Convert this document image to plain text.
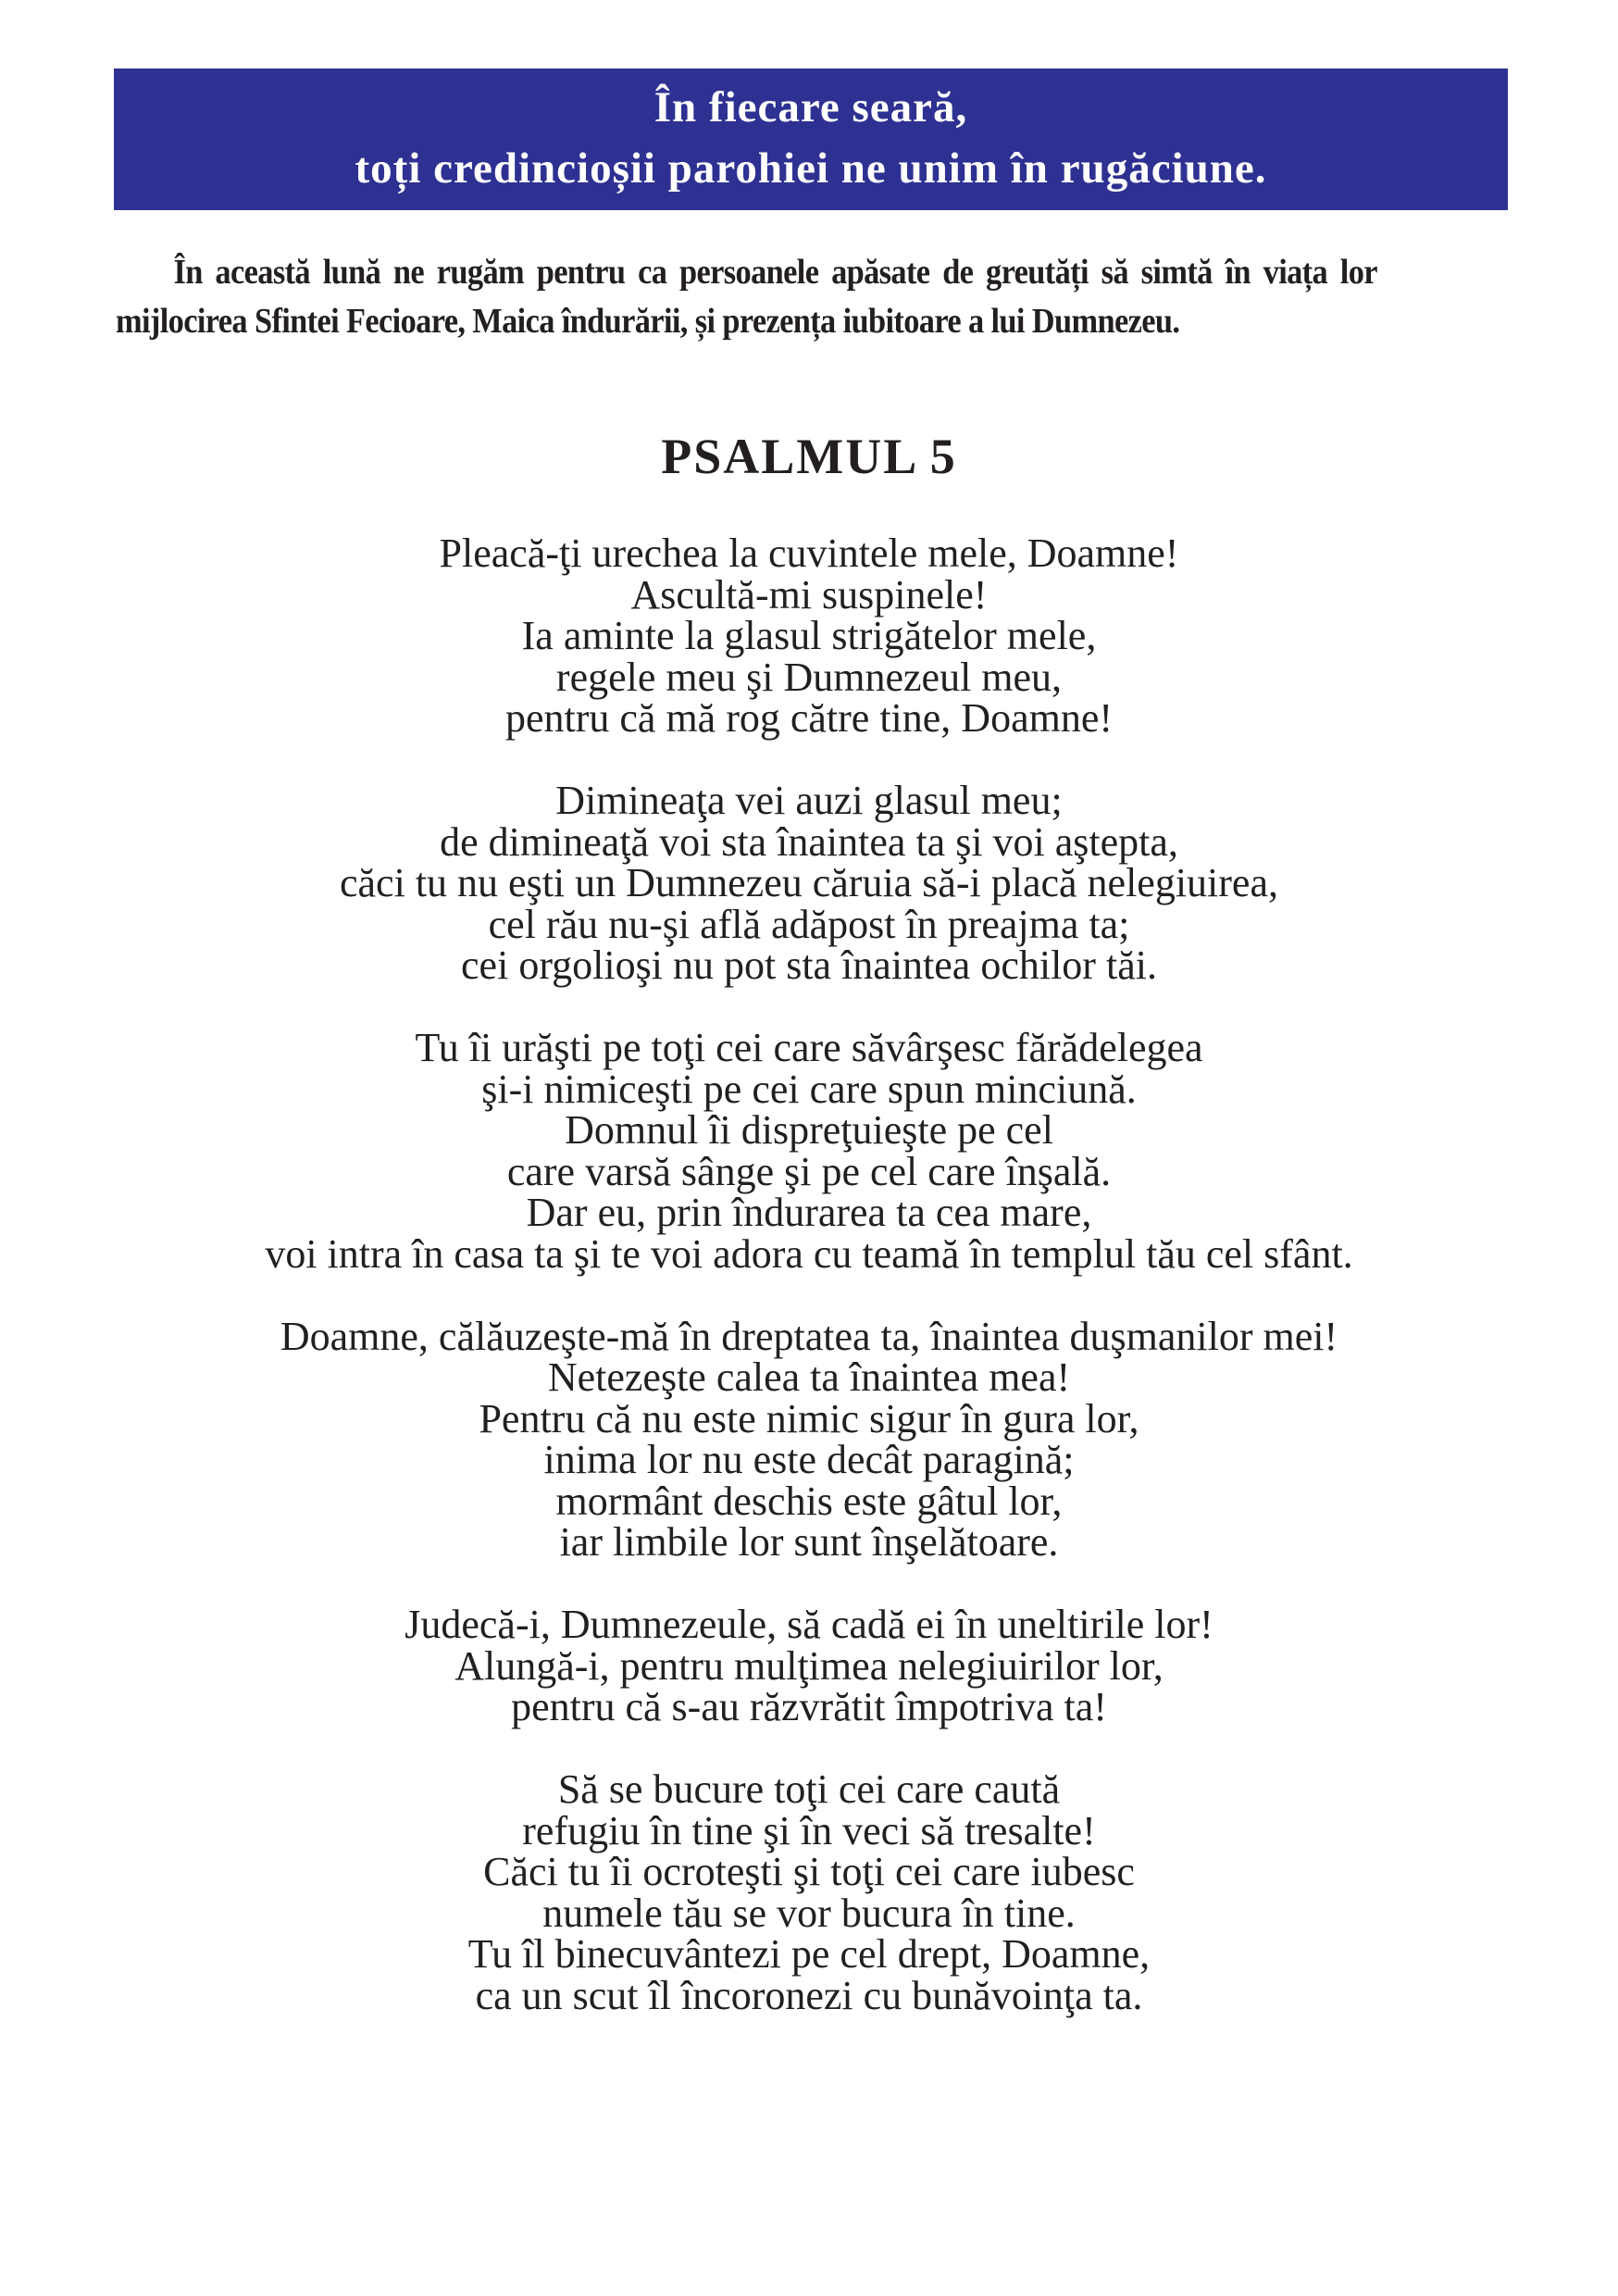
În fiecare seară,
toți credincioșii parohiei ne unim în rugăciune.
În această lună ne rugăm pentru ca persoanele apăsate de greutăți să simtă în viața lor mijlocirea Sfintei Fecioare, Maica îndurării, și prezența iubitoare a lui Dumnezeu.
PSALMUL 5
Pleacă-ţi urechea la cuvintele mele, Doamne!
Ascultă-mi suspinele!
Ia aminte la glasul strigătelor mele,
regele meu şi Dumnezeul meu,
pentru că mă rog către tine, Doamne!
Dimineaţa vei auzi glasul meu;
de dimineaţă voi sta înaintea ta şi voi aştepta,
căci tu nu eşti un Dumnezeu căruia să-i placă nelegiuirea,
cel rău nu-şi află adăpost în preajma ta;
cei orgolioşi nu pot sta înaintea ochilor tăi.
Tu îi urăşti pe toţi cei care săvârşesc fărădelegea
şi-i nimiceşti pe cei care spun minciună.
Domnul îi dispreţuieşte pe cel
care varsă sânge şi pe cel care înşală.
Dar eu, prin îndurarea ta cea mare,
voi intra în casa ta şi te voi adora cu teamă în templul tău cel sfânt.
Doamne, călăuzeşte-mă în dreptatea ta, înaintea duşmanilor mei!
Netezeşte calea ta înaintea mea!
Pentru că nu este nimic sigur în gura lor,
inima lor nu este decât paragină;
mormânt deschis este gâtul lor,
iar limbile lor sunt înşelătoare.
Judecă-i, Dumnezeule, să cadă ei în uneltirile lor!
Alungă-i, pentru mulţimea nelegiuirilor lor,
pentru că s-au răzvrătit împotriva ta!
Să se bucure toţi cei care caută
refugiu în tine şi în veci să tresalte!
Căci tu îi ocroteşti şi toţi cei care iubesc
numele tău se vor bucura în tine.
Tu îl binecuvântezi pe cel drept, Doamne,
ca un scut îl încoronezi cu bunăvoinţa ta.
